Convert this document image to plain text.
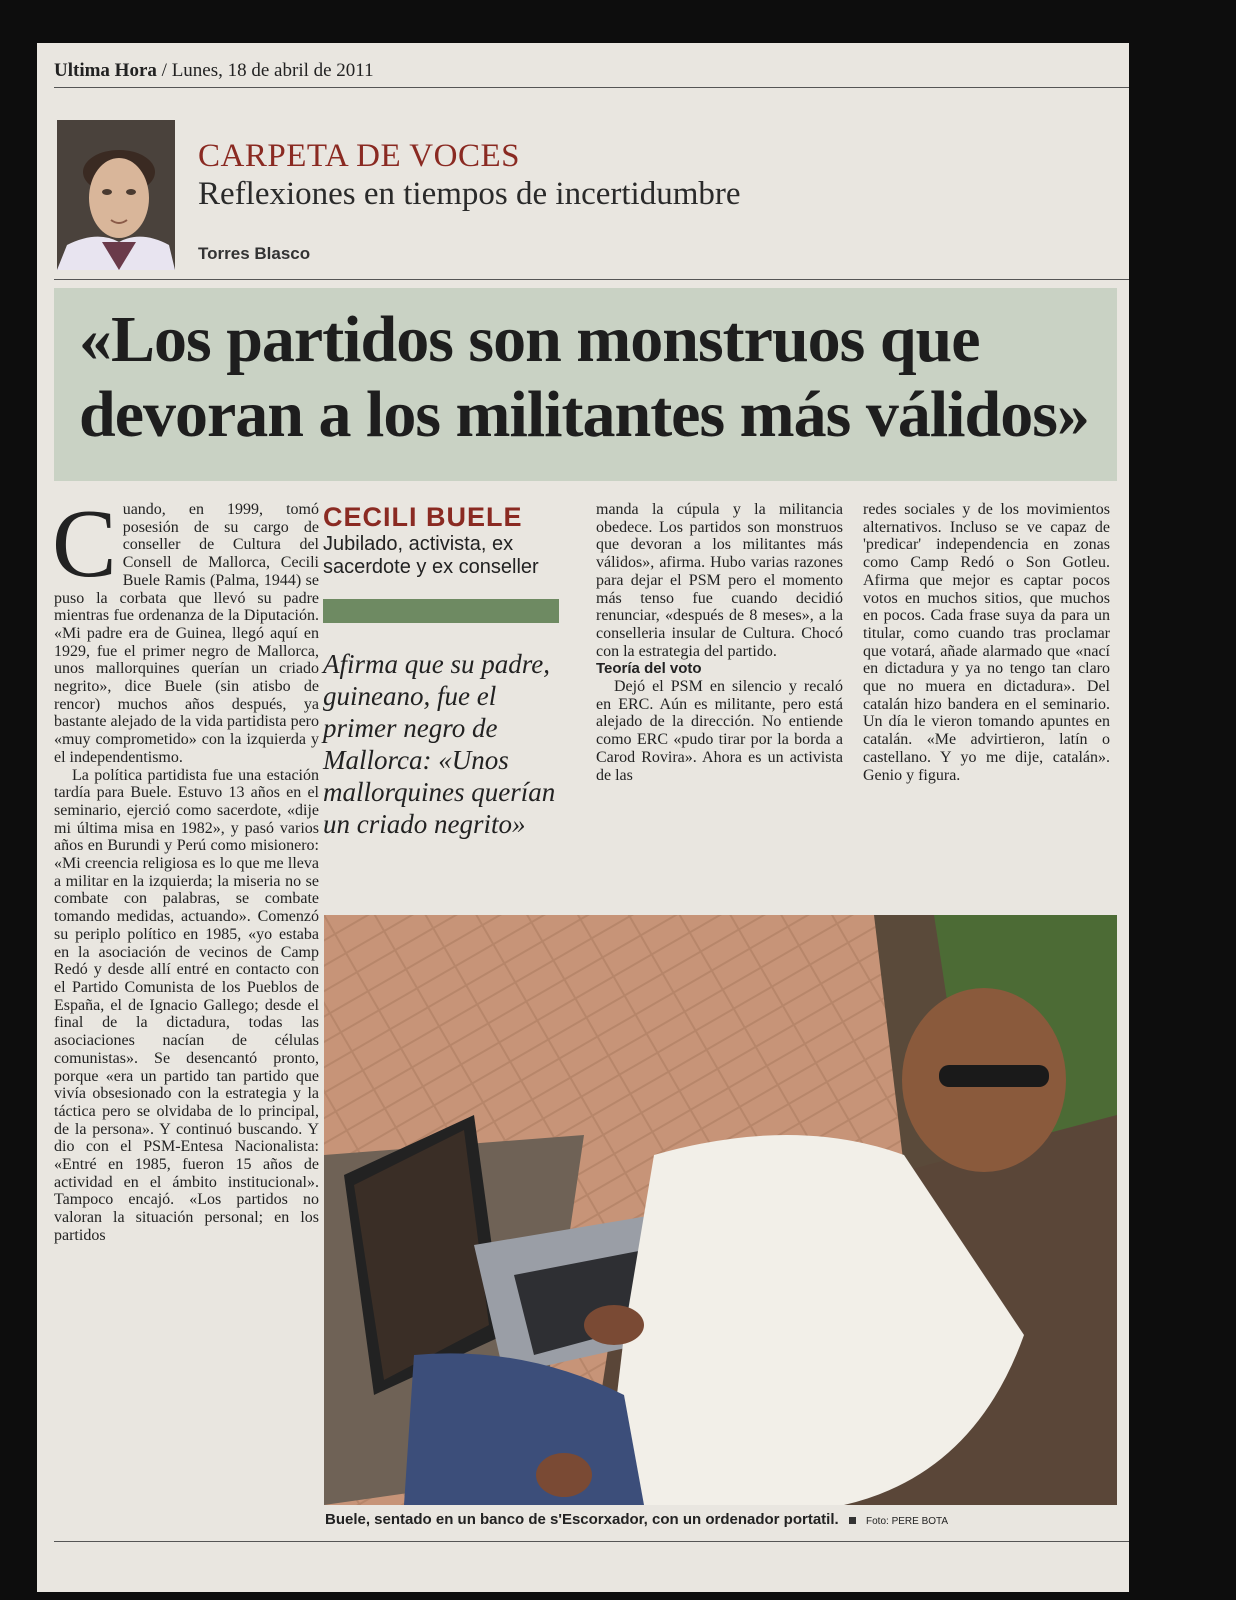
Ultima Hora / Lunes, 18 de abril de 2011
CARPETA DE VOCES
Reflexiones en tiempos de incertidumbre
Torres Blasco
«Los partidos son monstruos que devoran a los militantes más válidos»

Cuando, en 1999, tomó posesión de su cargo de conseller de Cultura del Consell de Mallorca, Cecili Buele Ramis (Palma, 1944) se puso la corbata que llevó su padre mientras fue ordenanza de la Diputación. «Mi padre era de Guinea, llegó aquí en 1929, fue el primer negro de Mallorca, unos mallorquines querían un criado negrito», dice Buele (sin atisbo de rencor) muchos años después, ya bastante alejado de la vida partidista pero «muy comprometido» con la izquierda y el independentismo.

La política partidista fue una estación tardía para Buele. Estuvo 13 años en el seminario, ejerció como sacerdote, «dije mi última misa en 1982», y pasó varios años en Burundi y Perú como misionero: «Mi creencia religiosa es lo que me lleva a militar en la izquierda; la miseria no se combate con palabras, se combate tomando medidas, actuando». Comenzó su periplo político en 1985, «yo estaba en la asociación de vecinos de Camp Redó y desde allí entré en contacto con el Partido Comunista de los Pueblos de España, el de Ignacio Gallego; desde el final de la dictadura, todas las asociaciones nacían de células comunistas». Se desencantó pronto, porque «era un partido tan partido que vivía obsesionado con la estrategia y la táctica pero se olvidaba de lo principal, de la persona». Y continuó buscando. Y dio con el PSM-Entesa Nacionalista: «Entré en 1985, fueron 15 años de actividad en el ámbito institucional». Tampoco encajó. «Los partidos no valoran la situación personal; en los partidos

CECILI BUELE
Jubilado, activista, ex sacerdote y ex conseller
Afirma que su padre, guineano, fue el primer negro de Mallorca: «Unos mallorquines querían un criado negrito»

manda la cúpula y la militancia obedece. Los partidos son monstruos que devoran a los militantes más válidos», afirma. Hubo varias razones para dejar el PSM pero el momento más tenso fue cuando decidió renunciar, «después de 8 meses», a la conselleria insular de Cultura. Chocó con la estrategia del partido.

Teoría del voto

Dejó el PSM en silencio y recaló en ERC. Aún es militante, pero está alejado de la dirección. No entiende como ERC «pudo tirar por la borda a Carod Rovira». Ahora es un activista de las

redes sociales y de los movimientos alternativos. Incluso se ve capaz de 'predicar' independencia en zonas como Camp Redó o Son Gotleu. Afirma que mejor es captar pocos votos en muchos sitios, que muchos en pocos. Cada frase suya da para un titular, como cuando tras proclamar que votará, añade alarmado que «nací en dictadura y ya no tengo tan claro que no muera en dictadura». Del catalán hizo bandera en el seminario. Un día le vieron tomando apuntes en catalán. «Me advirtieron, latín o castellano. Y yo me dije, catalán». Genio y figura.

Buele, sentado en un banco de s'Escorxador, con un ordenador portatil.	Foto: PERE BOTA
